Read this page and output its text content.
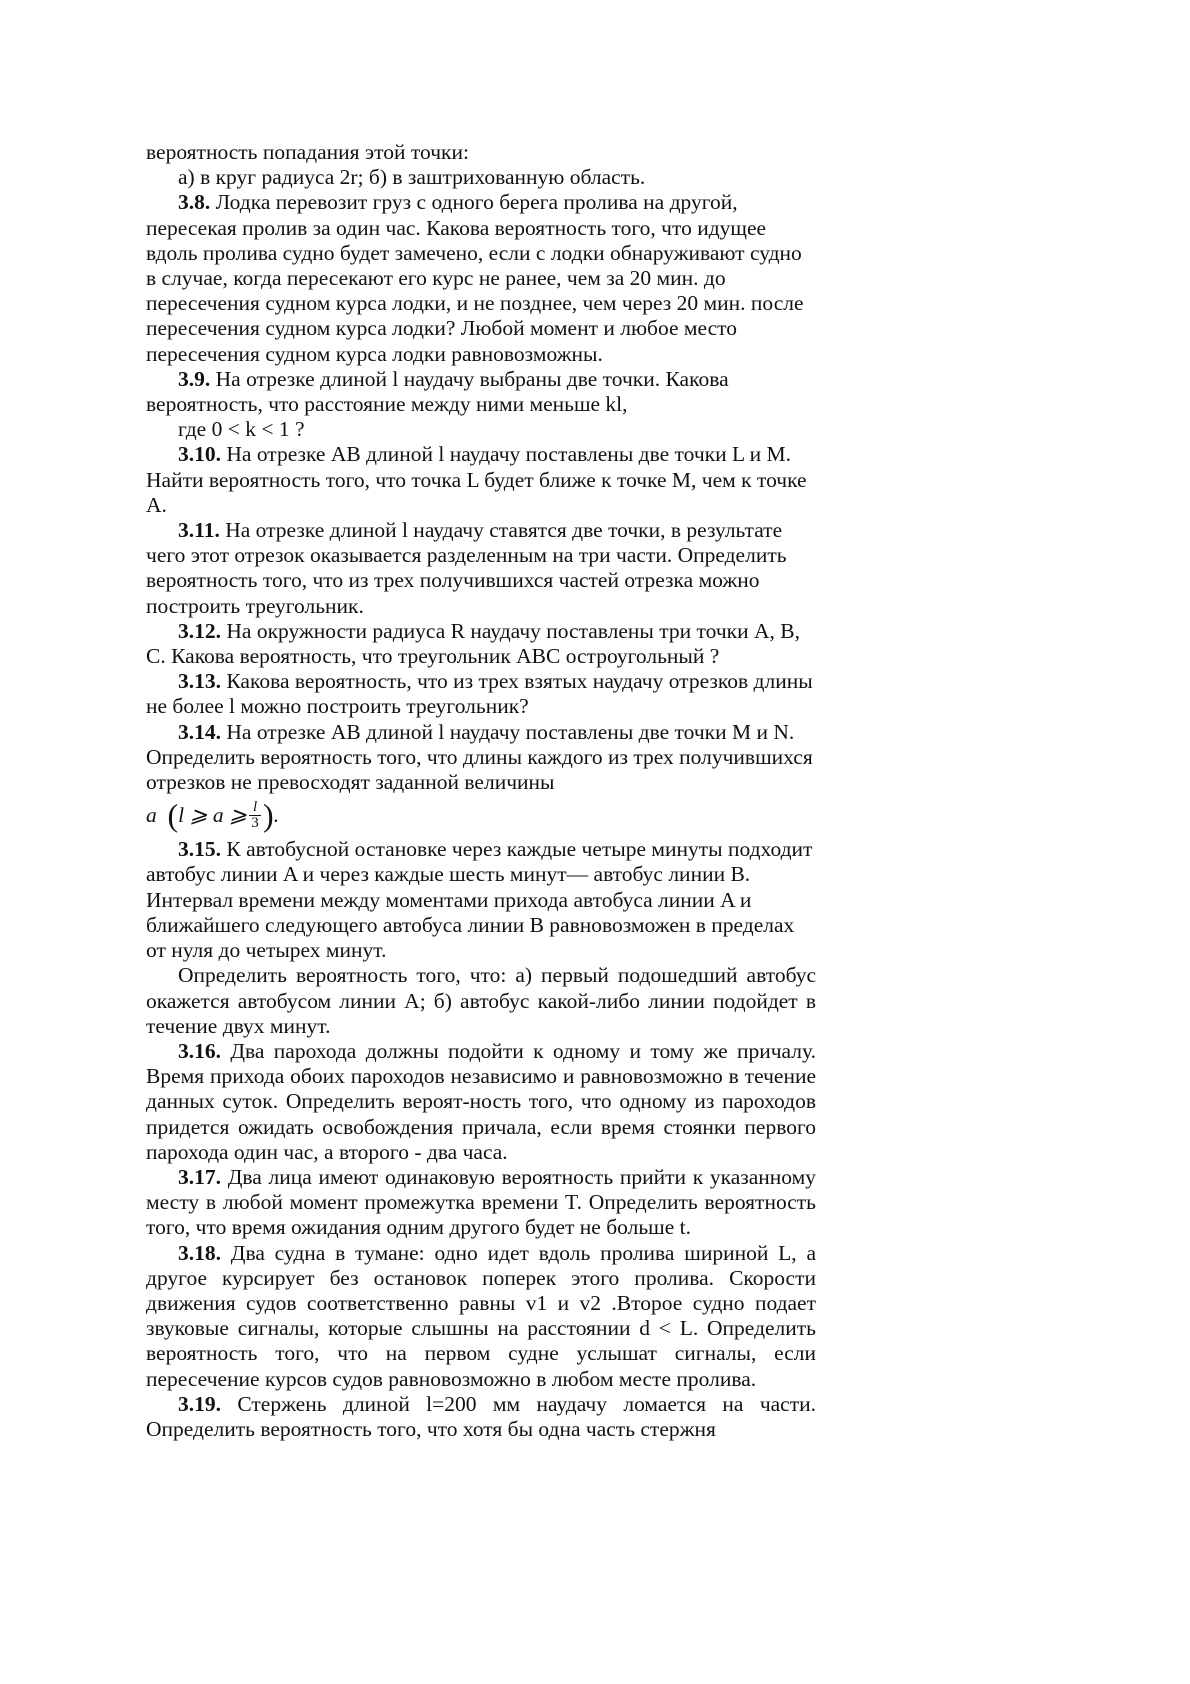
вероятность попадания этой точки:

а) в круг радиуса 2r; б) в заштрихованную область.

3.8. Лодка перевозит груз с одного берега пролива на другой, пересекая пролив за один час. Какова вероятность того, что идущее вдоль пролива судно будет замечено, если с лодки обнаруживают судно в случае, когда пересекают его курс не ранее, чем за 20 мин. до пересечения судном курса лодки, и не позднее, чем через 20 мин. после пересечения судном курса лодки? Любой момент и любое место пересечения судном курса лодки равновозможны.

3.9. На отрезке длиной l наудачу выбраны две точки. Какова вероятность, что расстояние между ними меньше kl,

где 0 < k < 1 ?

3.10. На отрезке AB длиной l наудачу поставлены две точки L и M. Найти вероятность того, что точка L будет ближе к точке M, чем к точке A.

3.11. На отрезке длиной l наудачу ставятся две точки, в результате чего этот отрезок оказывается разделенным на три части. Определить вероятность того, что из трех получившихся частей отрезка можно построить треугольник.

3.12. На окружности радиуса R наудачу поставлены три точки A, B, C. Какова вероятность, что треугольник ABC остроугольный ?

3.13. Какова вероятность, что из трех взятых наудачу отрезков длины не более l можно построить треугольник?

3.14. На отрезке AB длиной l наудачу поставлены две точки M и N. Определить вероятность того, что длины каждого из трех получившихся отрезков не превосходят заданной величины

a
( l ⩾ a ⩾ $\frac{l}{3}$ ) .

3.15. К автобусной остановке через каждые четыре минуты подходит автобус линии A и через каждые шесть минут— автобус линии B. Интервал времени между моментами прихода автобуса линии A и ближайшего следующего автобуса линии B равновозможен в пределах от нуля до четырех минут.

Определить вероятность того, что: а) первый подошедший автобус окажется автобусом линии A; б) автобус какой-либо линии подойдет в течение двух минут.

3.16. Два парохода должны подойти к одному и тому же причалу. Время прихода обоих пароходов независимо и равновозможно в течение данных суток. Определить вероят-ность того, что одному из пароходов придется ожидать освобождения причала, если время стоянки первого парохода один час, а второго - два часа.

3.17. Два лица имеют одинаковую вероятность прийти к указанному месту в любой момент промежутка времени T. Определить вероятность того, что время ожидания одним другого будет не больше t.

3.18. Два судна в тумане: одно идет вдоль пролива шириной L, а другое курсирует без остановок поперек этого пролива. Скорости движения судов соответственно равны v1 и v2 .Второе судно подает звуковые сигналы, которые слышны на расстоянии d < L. Определить вероятность того, что на первом судне услышат сигналы, если пересечение курсов судов равновозможно в любом месте пролива.

3.19. Стержень длиной l=200 мм наудачу ломается на части. Определить вероятность того, что хотя бы одна часть стержня
